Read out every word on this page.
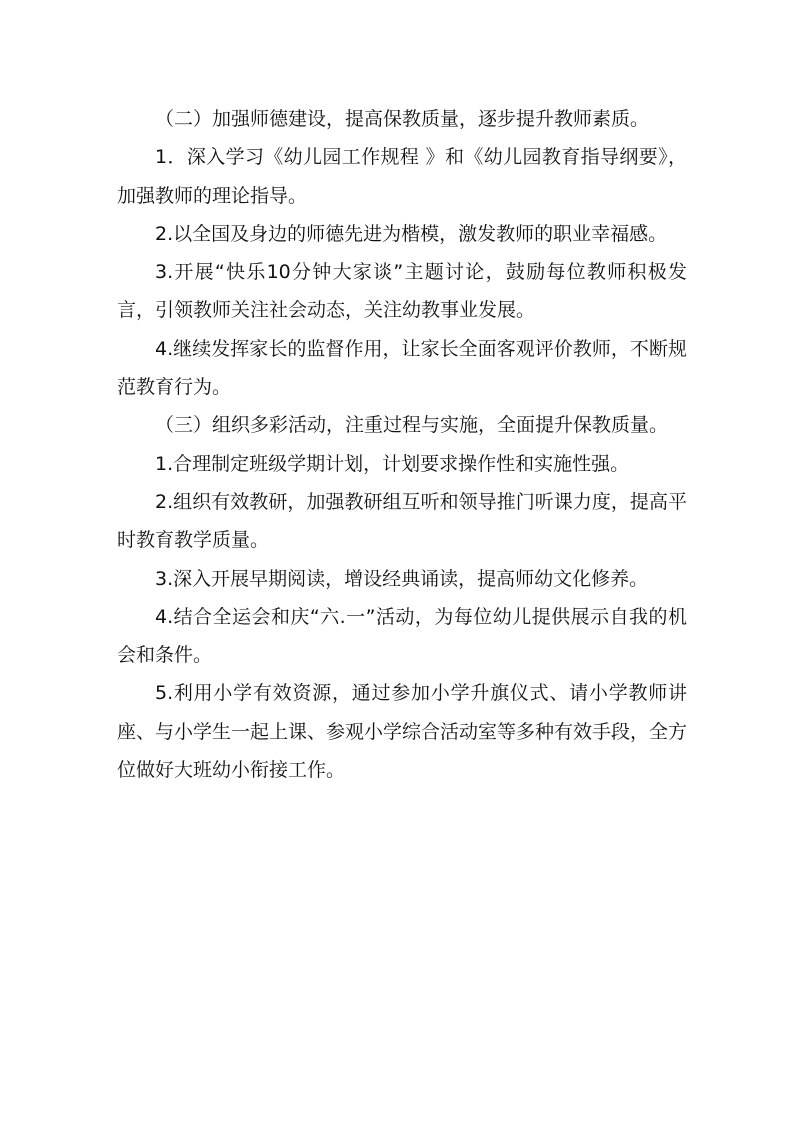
（二）加强师德建设，提高保教质量，逐步提升教师素质。

1．深入学习《幼儿园工作规程 》和《幼儿园教育指导纲要》，加强教师的理论指导。

2.以全国及身边的师德先进为楷模，激发教师的职业幸福感。

3.开展“快乐10分钟大家谈”主题讨论，鼓励每位教师积极发言，引领教师关注社会动态，关注幼教事业发展。

4.继续发挥家长的监督作用，让家长全面客观评价教师，不断规范教育行为。

（三）组织多彩活动，注重过程与实施，全面提升保教质量。

1.合理制定班级学期计划，计划要求操作性和实施性强。

2.组织有效教研，加强教研组互听和领导推门听课力度，提高平时教育教学质量。

3.深入开展早期阅读，增设经典诵读，提高师幼文化修养。

4.结合全运会和庆“六.一”活动，为每位幼儿提供展示自我的机会和条件。

5.利用小学有效资源，通过参加小学升旗仪式、请小学教师讲座、与小学生一起上课、参观小学综合活动室等多种有效手段，全方位做好大班幼小衔接工作。
